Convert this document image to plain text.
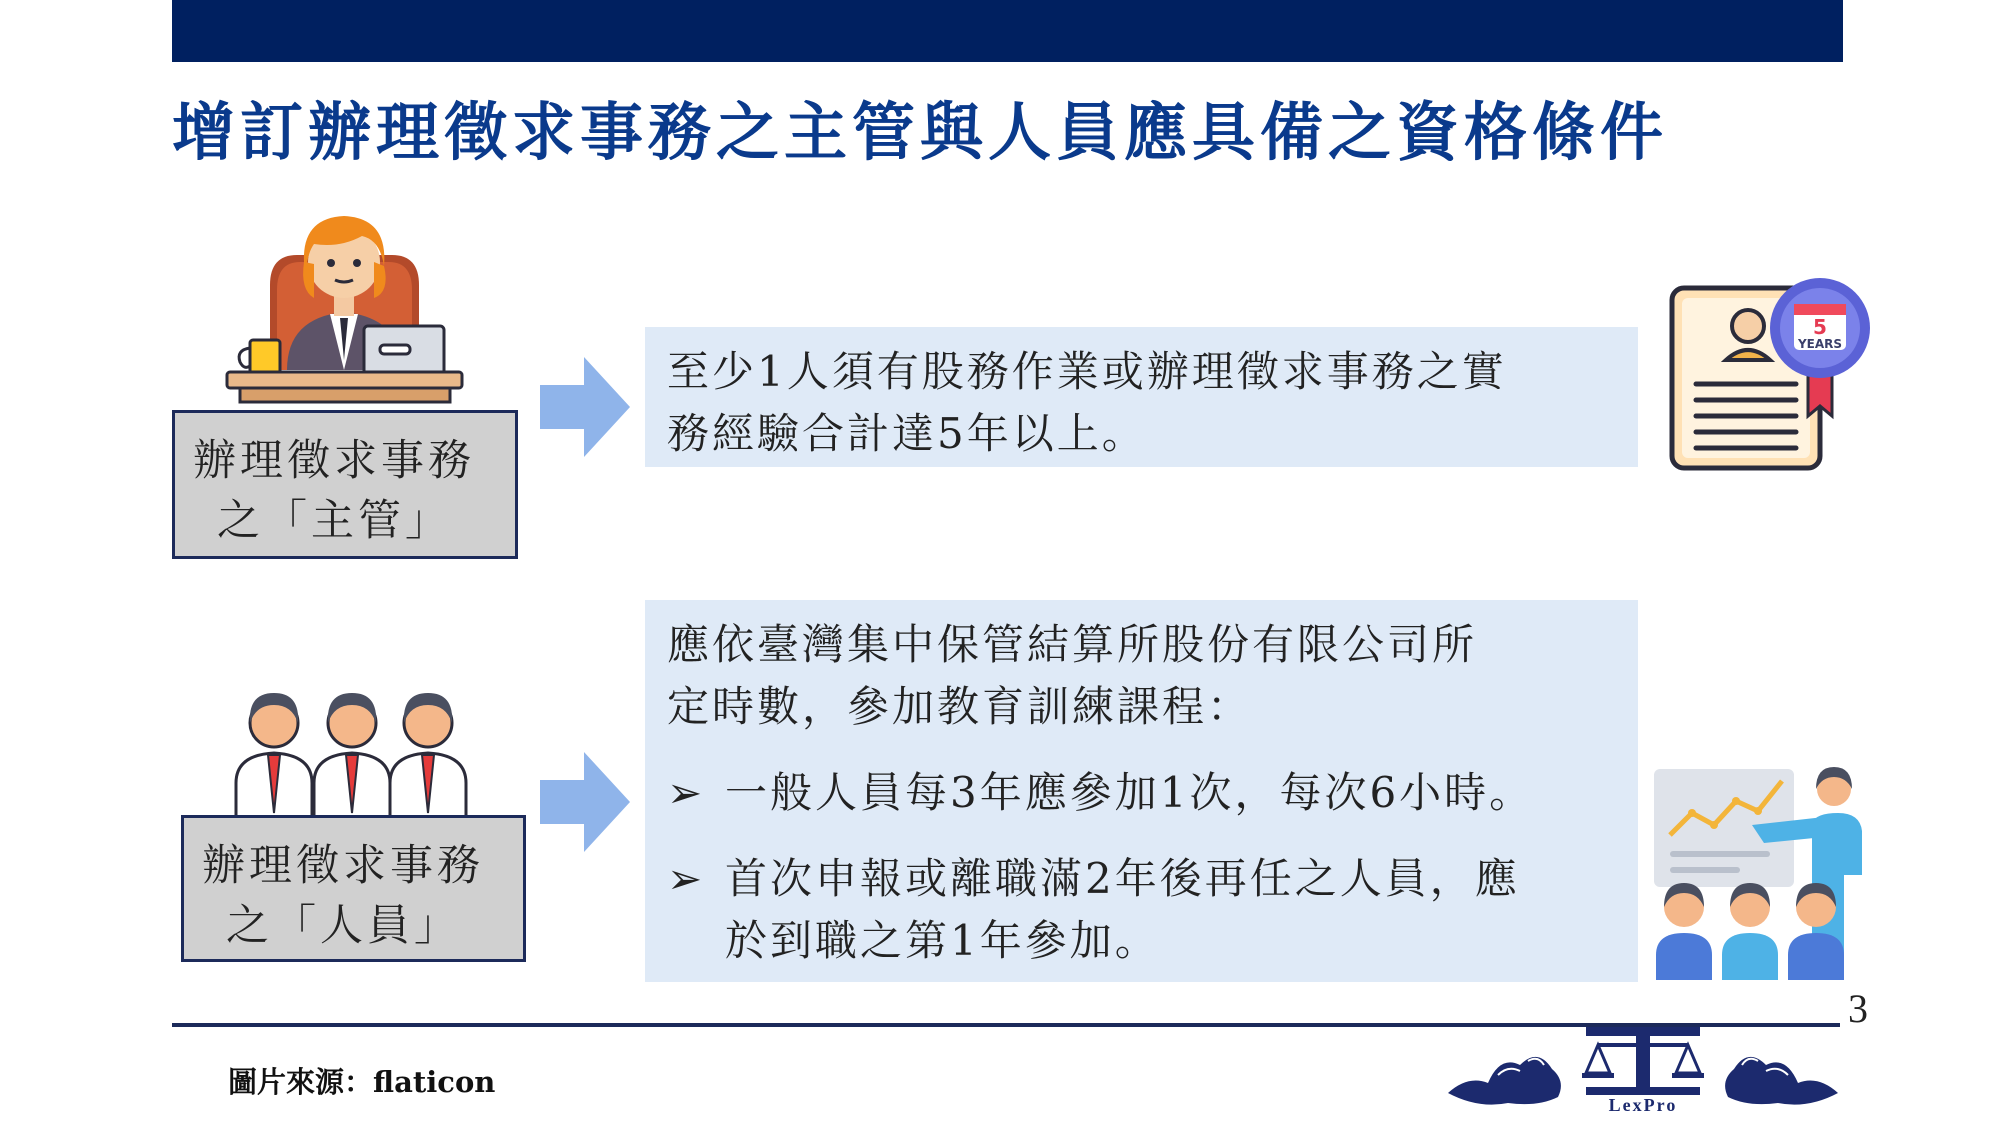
增訂辦理徵求事務之主管與人員應具備之資格條件
辦理徵求事務
之「主管」

至少1人須有股務作業或辦理徵求事務之實

務經驗合計達5年以上。

5
YEARS
辦理徵求事務
之「人員」

應依臺灣集中保管結算所股份有限公司所

定時數，參加教育訓練課程：

➢ 一般人員每3年應參加1次，每次6小時。

➢ 首次申報或離職滿2年後再任之人員，應

於到職之第1年參加。

3
圖片來源：flaticon
LexPro
